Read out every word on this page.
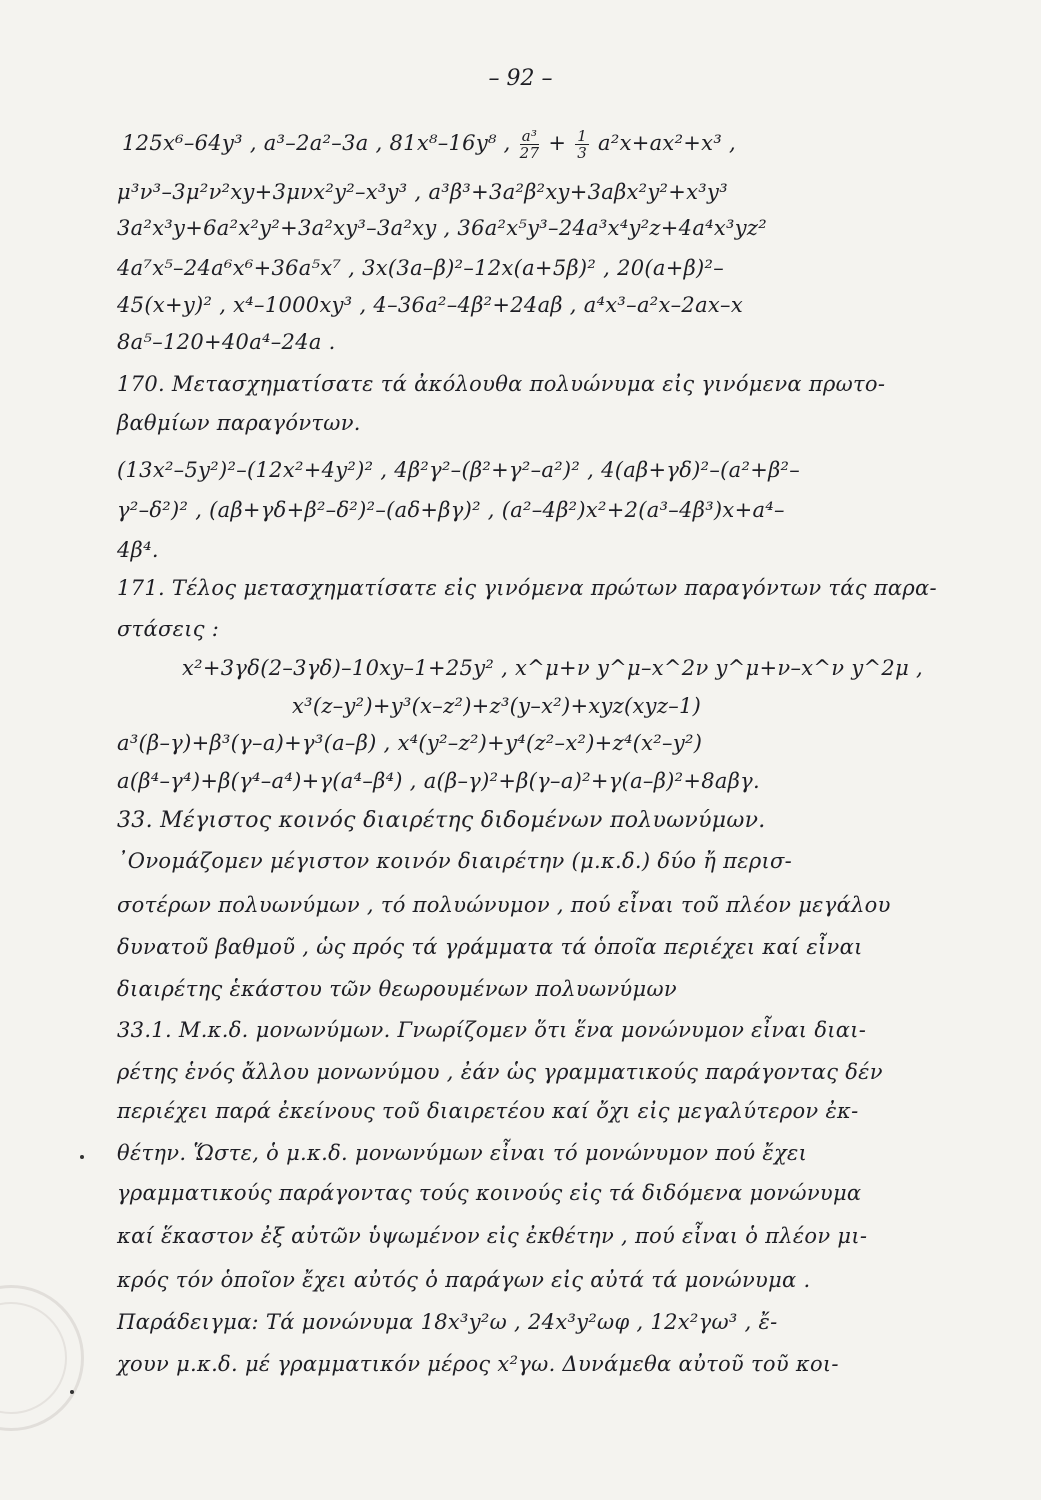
– 92 –
125x⁶–64y³ , a³–2a²–3a , 81x⁸–16y⁸ , $\frac{\text{a³}}{27} + \frac{1}{3} a^2x+ax^2+x^3$ ,
μ³ν³–3μ²ν²xy+3μνx²y²–x³y³ , a³β³+3a²β²xy+3aβx²y²+x³y³
3a²x³y+6a²x²y²+3a²xy³–3a²xy , 36a²x⁵y³–24a³x⁴y²z+4a⁴x³yz²
4a⁷x⁵–24a⁶x⁶+36a⁵x⁷ , 3x(3a–β)²–12x(a+5β)² , 20(a+β)²–
45(x+y)² , x⁴–1000xy³ , 4–36a²–4β²+24aβ , a⁴x³–a²x–2ax–x
8a⁵–120+40a⁴–24a .
170. Μετασχηματίσατε τά ἀκόλουθα πολυώνυμα εἰς γινόμενα πρωτο-
βαθμίων παραγόντων.
(13x²–5y²)²–(12x²+4y²)² , 4β²γ²–(β²+γ²–a²)² , 4(aβ+γδ)²–(a²+β²–
γ²–δ²)² , (aβ+γδ+β²–δ²)²–(aδ+βγ)² , (a²–4β²)x²+2(a³–4β³)x+a⁴–
4β⁴.
171. Τέλος μετασχηματίσατε εἰς γινόμενα πρώτων παραγόντων τάς παρα-
στάσεις :
x²+3γδ(2–3γδ)–10xy–1+25y² , x^μ+ν y^μ–x^2ν y^μ+ν–x^ν y^2μ ,
x³(z–y²)+y³(x–z²)+z³(y–x²)+xyz(xyz–1)
a³(β–γ)+β³(γ–a)+γ³(a–β) , x⁴(y²–z²)+y⁴(z²–x²)+z⁴(x²–y²)
a(β⁴–γ⁴)+β(γ⁴–a⁴)+γ(a⁴–β⁴) , a(β–γ)²+β(γ–a)²+γ(a–β)²+8aβγ.
33. Μέγιστος κοινός διαιρέτης διδομένων πολυωνύμων.
᾿Ονομάζομεν μέγιστον κοινόν διαιρέτην (μ.κ.δ.) δύο ἤ περισ-
σοτέρων πολυωνύμων , τό πολυώνυμον , πού εἶναι τοῦ πλέον μεγάλου
δυνατοῦ βαθμοῦ , ὡς πρός τά γράμματα τά ὁποῖα περιέχει καί εἶναι
διαιρέτης ἑκάστου τῶν θεωρουμένων πολυωνύμων
33.1. Μ.κ.δ. μονωνύμων. Γνωρίζομεν ὅτι ἕνα μονώνυμον εἶναι διαι-
ρέτης ἑνός ἄλλου μονωνύμου , ἐάν ὡς γραμματικούς παράγοντας δέν
περιέχει παρά ἐκείνους τοῦ διαιρετέου καί ὄχι εἰς μεγαλύτερον ἐκ-
θέτην. Ὥστε, ὁ μ.κ.δ. μονωνύμων εἶναι τό μονώνυμον πού ἔχει
γραμματικούς παράγοντας τούς κοινούς εἰς τά διδόμενα μονώνυμα
καί ἕκαστον ἐξ αὐτῶν ὑψωμένον εἰς ἐκθέτην , πού εἶναι ὁ πλέον μι-
κρός τόν ὁποῖον ἔχει αὐτός ὁ παράγων εἰς αὐτά τά μονώνυμα .
Παράδειγμα: Τά μονώνυμα 18x³y²ω , 24x³y²ωφ , 12x²γω³ , ἔ-
χουν μ.κ.δ. μέ γραμματικόν μέρος x²γω. Δυνάμεθα αὐτοῦ τοῦ κοι-
